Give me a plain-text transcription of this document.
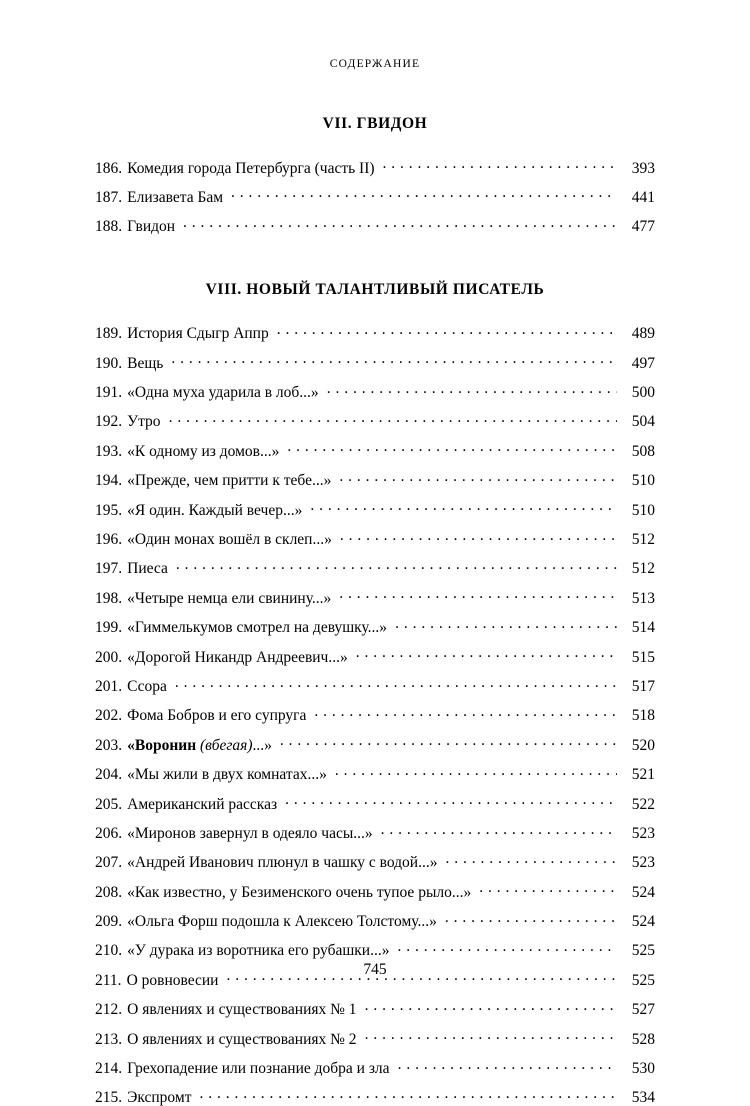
СОДЕРЖАНИЕ
VII. ГВИДОН
186. Комедия города Петербурга (часть II) . . .	393
187. Елизавета Бам . . .	441
188. Гвидон . . .	477
VIII. НОВЫЙ ТАЛАНТЛИВЫЙ ПИСАТЕЛЬ
189. История Сдыгр Аппр . . .	489
190. Вещь . . .	497
191. «Одна муха ударила в лоб...» . . .	500
192. Утро . . .	504
193. «К одному из домов...» . . .	508
194. «Прежде, чем притти к тебе...» . . .	510
195. «Я один. Каждый вечер...» . . .	510
196. «Один монах вошёл в склеп...» . . .	512
197. Пиеса . . .	512
198. «Четыре немца ели свинину...» . . .	513
199. «Гиммелькумов смотрел на девушку...» . . .	514
200. «Дорогой Никандр Андреевич...» . . .	515
201. Ссора . . .	517
202. Фома Бобров и его супруга . . .	518
203. «Воронин (вбегая)...» . . .	520
204. «Мы жили в двух комнатах...» . . .	521
205. Американский рассказ . . .	522
206. «Миронов завернул в одеяло часы...» . . .	523
207. «Андрей Иванович плюнул в чашку с водой...» . . .	523
208. «Как известно, у Безименского очень тупое рыло...» . . .	524
209. «Ольга Форш подошла к Алексею Толстому...» . . .	524
210. «У дурака из воротника его рубашки...» . . .	525
211. О ровновесии . . .	525
212. О явлениях и существованиях № 1 . . .	527
213. О явлениях и существованиях № 2 . . .	528
214. Грехопадение или познание добра и зла . . .	530
215. Экспромт . . .	534
745
